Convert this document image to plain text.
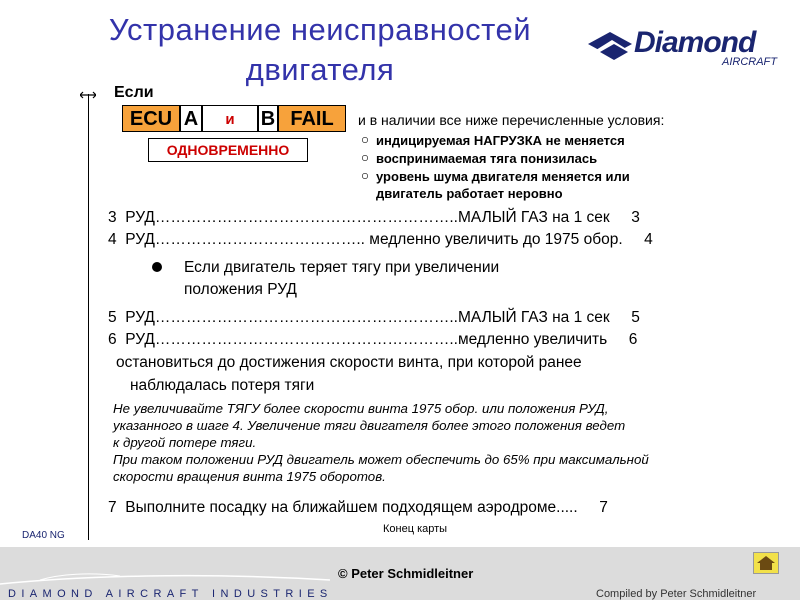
Устранение неисправностей
двигателя
Diamond
AIRCRAFT
Если
ECU A	и	B FAIL
ОДНОВРЕМЕННО
и в наличии все ниже перечисленные условия:
индицируемая НАГРУЗКА не меняется
воспринимаемая тяга понизилась
уровень шума двигателя меняется или
двигатель работает неровно
3  РУД…………………………………………………..МАЛЫЙ ГАЗ на 1 сек     3
4  РУД………………………………….. медленно увеличить до 1975 обор.     4
Если двигатель теряет тягу при увеличении
положения РУД
5  РУД…………………………………………………..МАЛЫЙ ГАЗ на 1 сек     5
6  РУД…………………………………………………..медленно увеличить     6
остановиться до достижения скорости винта, при которой ранее
наблюдалась потеря тяги
Не увеличивайте ТЯГУ более скорости винта 1975 обор. или положения РУД,
указанного в шаге 4. Увеличение тяги двигателя более этого положения ведет
к другой потере тяги.
При таком положении РУД двигатель может обеспечить до 65% при максимальной
скорости вращения винта 1975 оборотов.
7  Выполните посадку на ближайшем подходящем аэродроме.....     7
Конец карты
DA40 NG
DIAMOND AIRCRAFT INDUSTRIES
© Peter Schmidleitner
Compiled by Peter Schmidleitner
